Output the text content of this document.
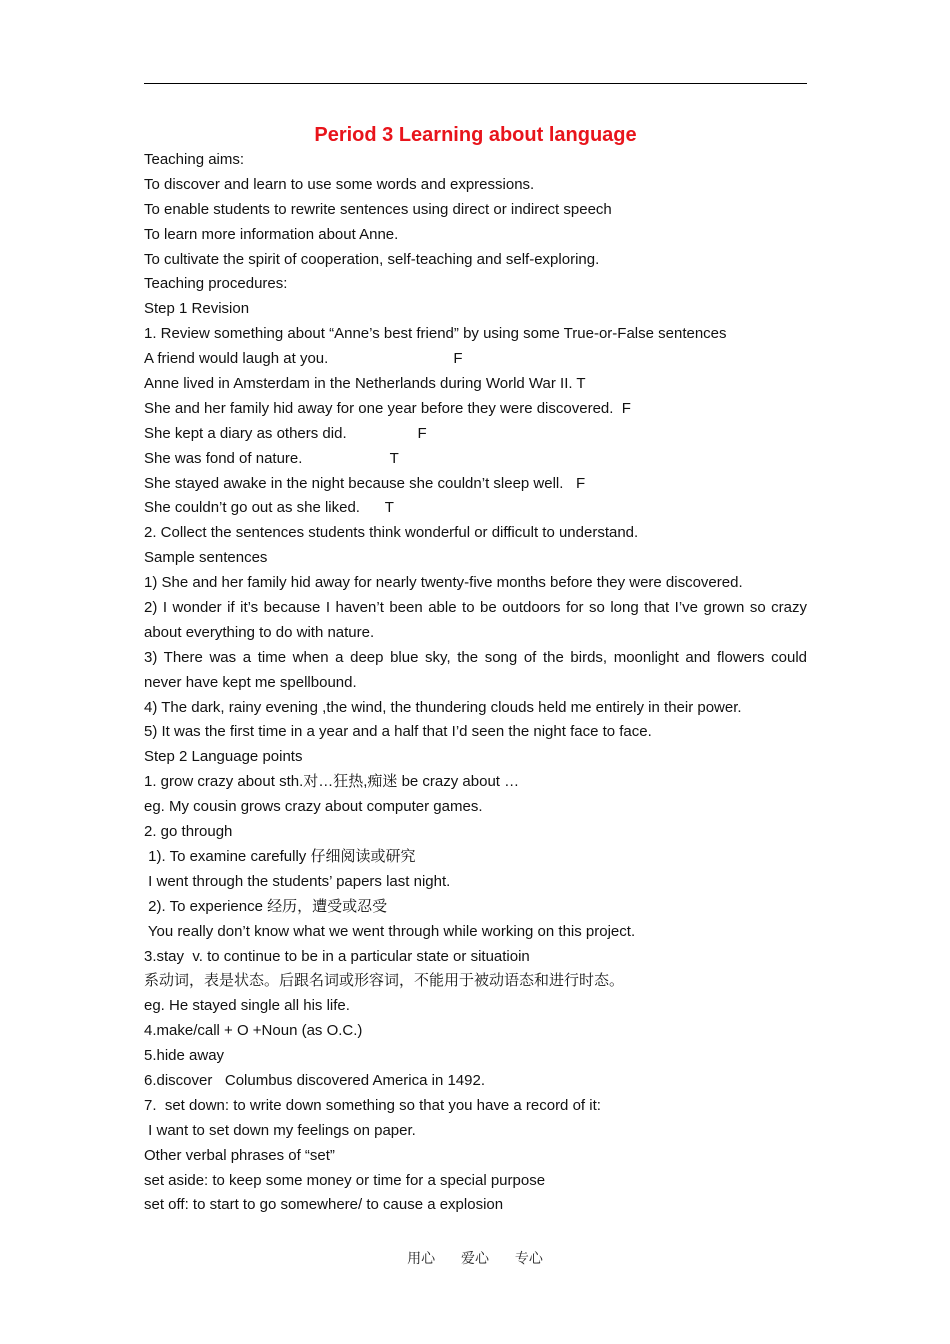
Period 3 Learning about language
Teaching aims:
To discover and learn to use some words and expressions.
To enable students to rewrite sentences using direct or indirect speech
To learn more information about Anne.
To cultivate the spirit of cooperation, self-teaching and self-exploring.
Teaching procedures:
Step 1 Revision
1. Review something about “Anne’s best friend” by using some True-or-False sentences
A friend would laugh at you.                              F
Anne lived in Amsterdam in the Netherlands during World War II. T
She and her family hid away for one year before they were discovered.  F
She kept a diary as others did.                 F
She was fond of nature.                     T
She stayed awake in the night because she couldn’t sleep well.   F
She couldn’t go out as she liked.      T
2. Collect the sentences students think wonderful or difficult to understand.
Sample sentences
1) She and her family hid away for nearly twenty-five months before they were discovered.
2) I wonder if it’s because I haven’t been able to be outdoors for so long that I’ve grown so crazy
about everything to do with nature.
3) There was a time when a deep blue sky, the song of the birds, moonlight and flowers could
never have kept me spellbound.
4) The dark, rainy evening ,the wind, the thundering clouds held me entirely in their power.
5) It was the first time in a year and a half that I’d seen the night face to face.
Step 2 Language points
1. grow crazy about sth.对…狂热,痴迷 be crazy about …
eg. My cousin grows crazy about computer games.
2. go through
1). To examine carefully 仔细阅读或研究
I went through the students’ papers last night.
2). To experience 经历，遭受或忍受
You really don’t know what we went through while working on this project.
3.stay  v. to continue to be in a particular state or situatioin
系动词，表是状态。后跟名词或形容词，不能用于被动语态和进行时态。
eg. He stayed single all his life.
4.make/call + O +Noun (as O.C.)
5.hide away
6.discover   Columbus discovered America in 1492.
7.  set down: to write down something so that you have a record of it:
I want to set down my feelings on paper.
Other verbal phrases of “set”
set aside: to keep some money or time for a special purpose
set off: to start to go somewhere/ to cause a explosion
用心 爱心 专心
